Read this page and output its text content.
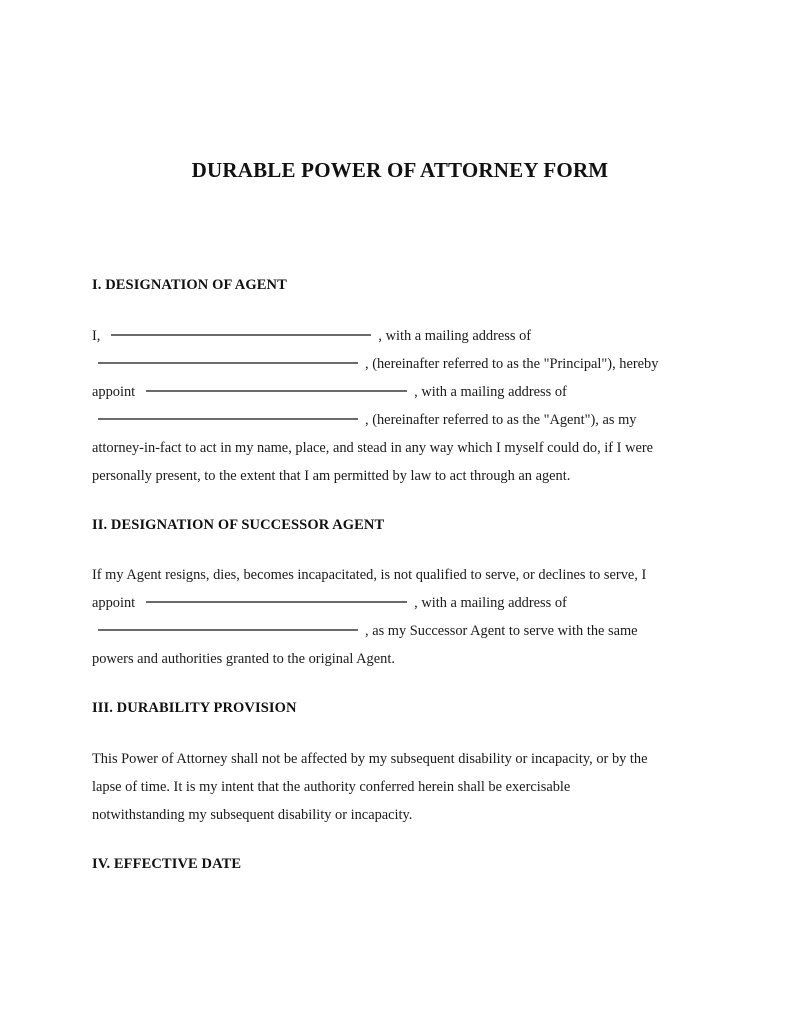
DURABLE POWER OF ATTORNEY FORM
I. DESIGNATION OF AGENT
I,	, with a mailing address of
, (hereinafter referred to as the "Principal"), hereby
appoint	, with a mailing address of
, (hereinafter referred to as the "Agent"), as my
attorney-in-fact to act in my name, place, and stead in any way which I myself could do, if I were
personally present, to the extent that I am permitted by law to act through an agent.
II. DESIGNATION OF SUCCESSOR AGENT
If my Agent resigns, dies, becomes incapacitated, is not qualified to serve, or declines to serve, I
appoint	, with a mailing address of
, as my Successor Agent to serve with the same
powers and authorities granted to the original Agent.
III. DURABILITY PROVISION
This Power of Attorney shall not be affected by my subsequent disability or incapacity, or by the
lapse of time. It is my intent that the authority conferred herein shall be exercisable
notwithstanding my subsequent disability or incapacity.
IV. EFFECTIVE DATE
